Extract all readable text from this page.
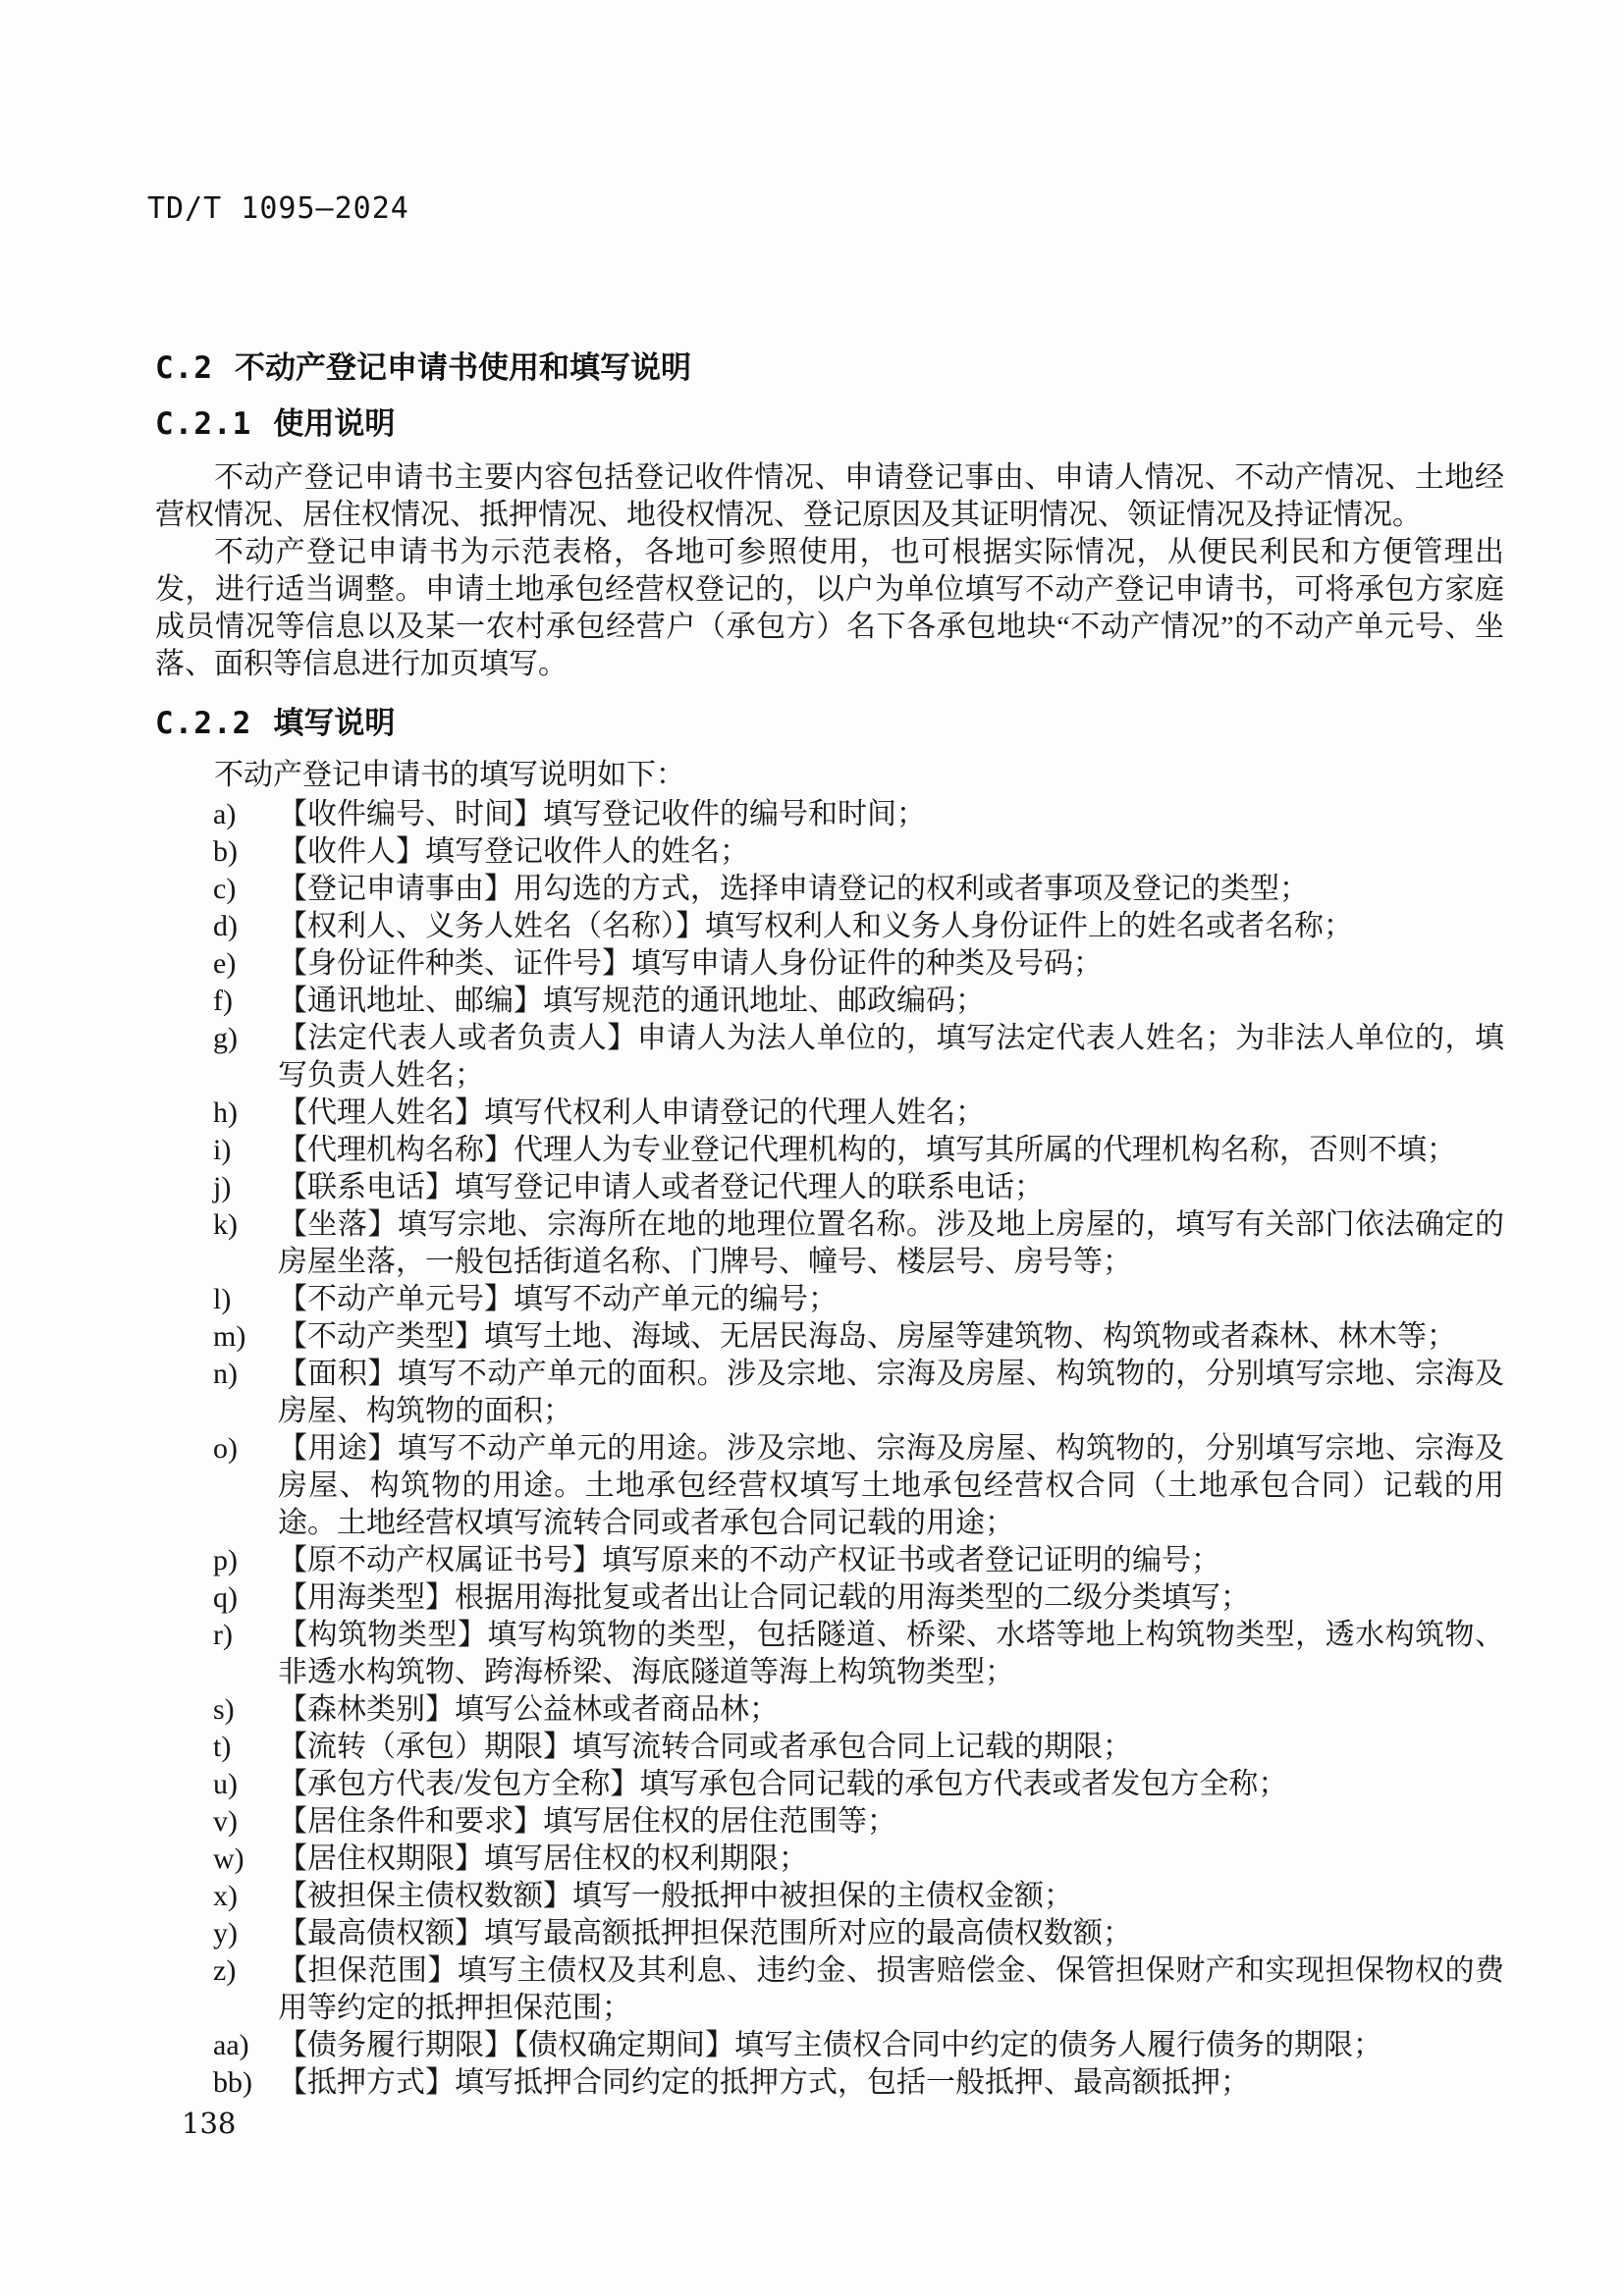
TD/T 1095—2024
C.2 不动产登记申请书使用和填写说明
C.2.1 使用说明

不动产登记申请书主要内容包括登记收件情况、申请登记事由、申请人情况、不动产情况、土地经营权情况、居住权情况、抵押情况、地役权情况、登记原因及其证明情况、领证情况及持证情况。

不动产登记申请书为示范表格，各地可参照使用，也可根据实际情况，从便民利民和方便管理出发，进行适当调整。申请土地承包经营权登记的，以户为单位填写不动产登记申请书，可将承包方家庭成员情况等信息以及某一农村承包经营户（承包方）名下各承包地块“不动产情况”的不动产单元号、坐落、面积等信息进行加页填写。

C.2.2 填写说明

不动产登记申请书的填写说明如下：

a)	【收件编号、时间】填写登记收件的编号和时间；
b)	【收件人】填写登记收件人的姓名；
c)	【登记申请事由】用勾选的方式，选择申请登记的权利或者事项及登记的类型；
d)	【权利人、义务人姓名（名称）】填写权利人和义务人身份证件上的姓名或者名称；
e)	【身份证件种类、证件号】填写申请人身份证件的种类及号码；
f)	【通讯地址、邮编】填写规范的通讯地址、邮政编码；
g)	【法定代表人或者负责人】申请人为法人单位的，填写法定代表人姓名；为非法人单位的，填写负责人姓名；
h)	【代理人姓名】填写代权利人申请登记的代理人姓名；
i)	【代理机构名称】代理人为专业登记代理机构的，填写其所属的代理机构名称，否则不填；
j)	【联系电话】填写登记申请人或者登记代理人的联系电话；
k)	【坐落】填写宗地、宗海所在地的地理位置名称。涉及地上房屋的，填写有关部门依法确定的房屋坐落，一般包括街道名称、门牌号、幢号、楼层号、房号等；
l)	【不动产单元号】填写不动产单元的编号；
m)	【不动产类型】填写土地、海域、无居民海岛、房屋等建筑物、构筑物或者森林、林木等；
n)	【面积】填写不动产单元的面积。涉及宗地、宗海及房屋、构筑物的，分别填写宗地、宗海及房屋、构筑物的面积；
o)	【用途】填写不动产单元的用途。涉及宗地、宗海及房屋、构筑物的，分别填写宗地、宗海及房屋、构筑物的用途。土地承包经营权填写土地承包经营权合同（土地承包合同）记载的用途。土地经营权填写流转合同或者承包合同记载的用途；
p)	【原不动产权属证书号】填写原来的不动产权证书或者登记证明的编号；
q)	【用海类型】根据用海批复或者出让合同记载的用海类型的二级分类填写；
r)	【构筑物类型】填写构筑物的类型，包括隧道、桥梁、水塔等地上构筑物类型，透水构筑物、非透水构筑物、跨海桥梁、海底隧道等海上构筑物类型；
s)	【森林类别】填写公益林或者商品林；
t)	【流转（承包）期限】填写流转合同或者承包合同上记载的期限；
u)	【承包方代表/发包方全称】填写承包合同记载的承包方代表或者发包方全称；
v)	【居住条件和要求】填写居住权的居住范围等；
w)	【居住权期限】填写居住权的权利期限；
x)	【被担保主债权数额】填写一般抵押中被担保的主债权金额；
y)	【最高债权额】填写最高额抵押担保范围所对应的最高债权数额；
z)	【担保范围】填写主债权及其利息、违约金、损害赔偿金、保管担保财产和实现担保物权的费用等约定的抵押担保范围；
aa) 【债务履行期限】【债权确定期间】填写主债权合同中约定的债务人履行债务的期限；
bb) 【抵押方式】填写抵押合同约定的抵押方式，包括一般抵押、最高额抵押；
138
